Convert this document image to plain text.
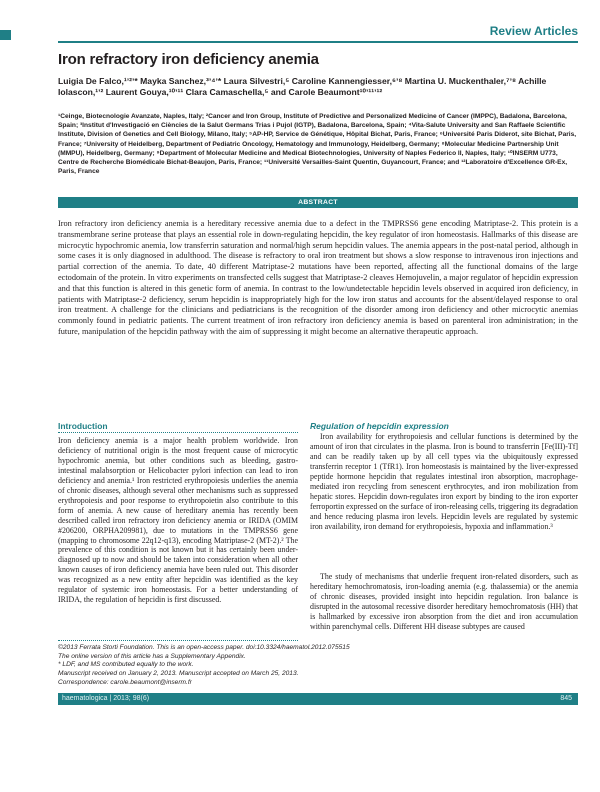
Review Articles
Iron refractory iron deficiency anemia
Luigia De Falco,¹ʼ²ʼ* Mayka Sanchez,³ʼ⁴ʼ* Laura Silvestri,⁵ Caroline Kannengiesser,⁶ʼ⁸ Martina U. Muckenthaler,⁷ʼ⁸ Achille Iolascon,¹ʼ² Laurent Gouya,¹⁰ʼ¹¹ Clara Camaschella,⁵ and Carole Beaumont¹⁰ʼ¹¹ʼ¹²
¹Ceinge, Biotecnologie Avanzate, Naples, Italy; ²Cancer and Iron Group, Institute of Predictive and Personalized Medicine of Cancer (IMPPC), Badalona, Barcelona, Spain; ³Institut d'Investigació en Ciències de la Salut Germans Trias i Pujol (IGTP), Badalona, Barcelona, Spain; ⁴Vita-Salute University and San Raffaele Scientific Institute, Division of Genetics and Cell Biology, Milano, Italy; ⁵AP-HP, Service de Génétique, Hôpital Bichat, Paris, France; ⁶Université Paris Diderot, site Bichat, Paris, France; ⁷University of Heidelberg, Department of Pediatric Oncology, Hematology and Immunology, Heidelberg, Germany; ⁸Molecular Medicine Partnership Unit (MMPU), Heidelberg, Germany; ⁹Department of Molecular Medicine and Medical Biotechnologies, University of Naples Federico II, Naples, Italy; ¹⁰INSERM U773, Centre de Recherche Biomédicale Bichat-Beaujon, Paris, France; ¹¹Université Versailles-Saint Quentin, Guyancourt, France; and ¹²Laboratoire d'Excellence GR-Ex, Paris, France
ABSTRACT
Iron refractory iron deficiency anemia is a hereditary recessive anemia due to a defect in the TMPRSS6 gene encoding Matriptase-2. This protein is a transmembrane serine protease that plays an essential role in down-regulating hepcidin, the key regulator of iron homeostasis. Hallmarks of this disease are microcytic hypochromic anemia, low transferrin saturation and normal/high serum hepcidin values. The anemia appears in the post-natal period, although in some cases it is only diagnosed in adulthood. The disease is refractory to oral iron treatment but shows a slow response to intravenous iron injections and partial correction of the anemia. To date, 40 different Matriptase-2 mutations have been reported, affecting all the functional domains of the large ectodomain of the protein. In vitro experiments on transfected cells suggest that Matriptase-2 cleaves Hemojuvelin, a major regulator of hepcidin expression and that this function is altered in this genetic form of anemia. In contrast to the low/undetectable hepcidin levels observed in acquired iron deficiency, in patients with Matriptase-2 deficiency, serum hepcidin is inappropriately high for the low iron status and accounts for the absent/delayed response to oral iron treatment. A challenge for the clinicians and pediatricians is the recognition of the disorder among iron deficiency and other microcytic anemias commonly found in pediatric patients. The current treatment of iron refractory iron deficiency anemia is based on parenteral iron administration; in the future, manipulation of the hepcidin pathway with the aim of suppressing it might become an alternative therapeutic approach.
Introduction
Iron deficiency anemia is a major health problem worldwide. Iron deficiency of nutritional origin is the most frequent cause of microcytic hypochromic anemia, but other conditions such as bleeding, gastro-intestinal malabsorption or Helicobacter pylori infection can lead to iron deficiency and anemia.¹ Iron restricted erythropoiesis underlies the anemia of chronic diseases, although several other mechanisms such as suppressed erythropoiesis and poor response to erythropoietin also contribute to this form of anemia. A new cause of hereditary anemia has recently been described called iron refractory iron deficiency anemia or IRIDA (OMIM #206200, ORPHA209981), due to mutations in the TMPRSS6 gene (mapping to chromosome 22q12-q13), encoding Matriptase-2 (MT-2).² The prevalence of this condition is not known but it has certainly been under-diagnosed up to now and should be taken into consideration when all other known causes of iron deficiency anemia have been ruled out. This disorder was recognized as a new entity after hepcidin was identified as the key regulator of systemic iron homeostasis. For a better understanding of IRIDA, the regulation of hepcidin is first discussed.
Regulation of hepcidin expression
Iron availability for erythropoiesis and cellular functions is determined by the amount of iron that circulates in the plasma. Iron is bound to transferrin [Fe(III)-Tf] and can be readily taken up by all cell types via the ubiquitously expressed transferrin receptor 1 (TfR1). Iron homeostasis is maintained by the liver-expressed peptide hormone hepcidin that regulates intestinal iron absorption, macrophage-mediated iron recycling from senescent erythrocytes, and iron mobilization from hepatic stores. Hepcidin down-regulates iron export by binding to the iron exporter ferroportin expressed on the surface of iron-releasing cells, triggering its degradation and hence reducing plasma iron levels. Hepcidin levels are regulated by systemic iron availability, iron demand for erythropoiesis, hypoxia and inflammation.³
The study of mechanisms that underlie frequent iron-related disorders, such as hereditary hemochromatosis, iron-loading anemia (e.g. thalassemia) or the anemia of chronic diseases, provided insight into hepcidin regulation. Iron balance is disrupted in the autosomal recessive disorder hereditary hemochromatosis (HH) that is hallmarked by excessive iron absorption from the diet and iron accumulation within parenchymal cells. Different HH disease subtypes are caused
©2013 Ferrata Storti Foundation. This is an open-access paper. doi:10.3324/haematol.2012.075515
The online version of this article has a Supplementary Appendix.
* LDF, and MS contributed equally to the work.
Manuscript received on January 2, 2013. Manuscript accepted on March 25, 2013.
Correspondence: carole.beaumont@inserm.fr
haematologica | 2013; 98(6)	845
